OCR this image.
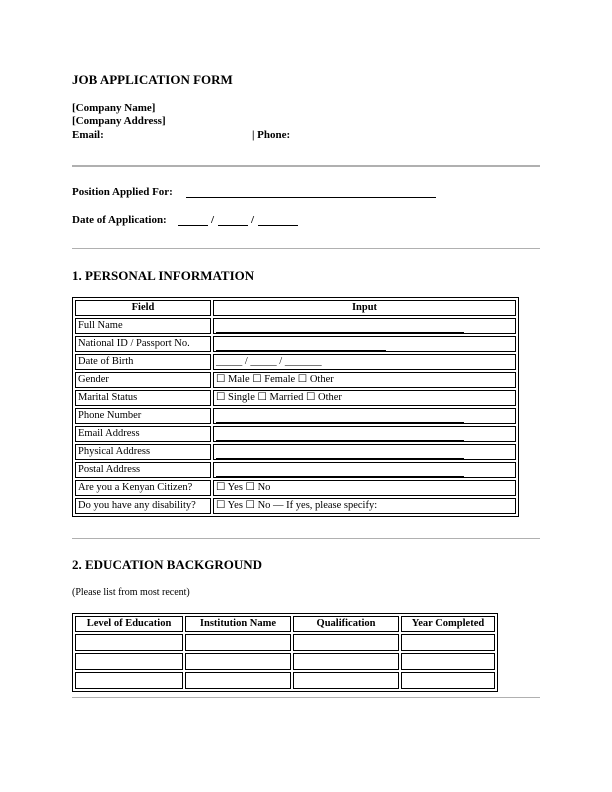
JOB APPLICATION FORM
[Company Name]
[Company Address]
Email:	| Phone:
Position Applied For:
Date of Application:	/	/
1. PERSONAL INFORMATION
Field	Input
Full Name	
National ID / Passport No.	
Date of Birth	_____ / _____ / _______
Gender	☐ Male ☐ Female ☐ Other
Marital Status	☐ Single ☐ Married ☐ Other
Phone Number	
Email Address	
Physical Address	
Postal Address	
Are you a Kenyan Citizen?	☐ Yes ☐ No
Do you have any disability?	☐ Yes ☐ No — If yes, please specify:
2. EDUCATION BACKGROUND
(Please list from most recent)
Level of Education	Institution Name	Qualification	Year Completed
